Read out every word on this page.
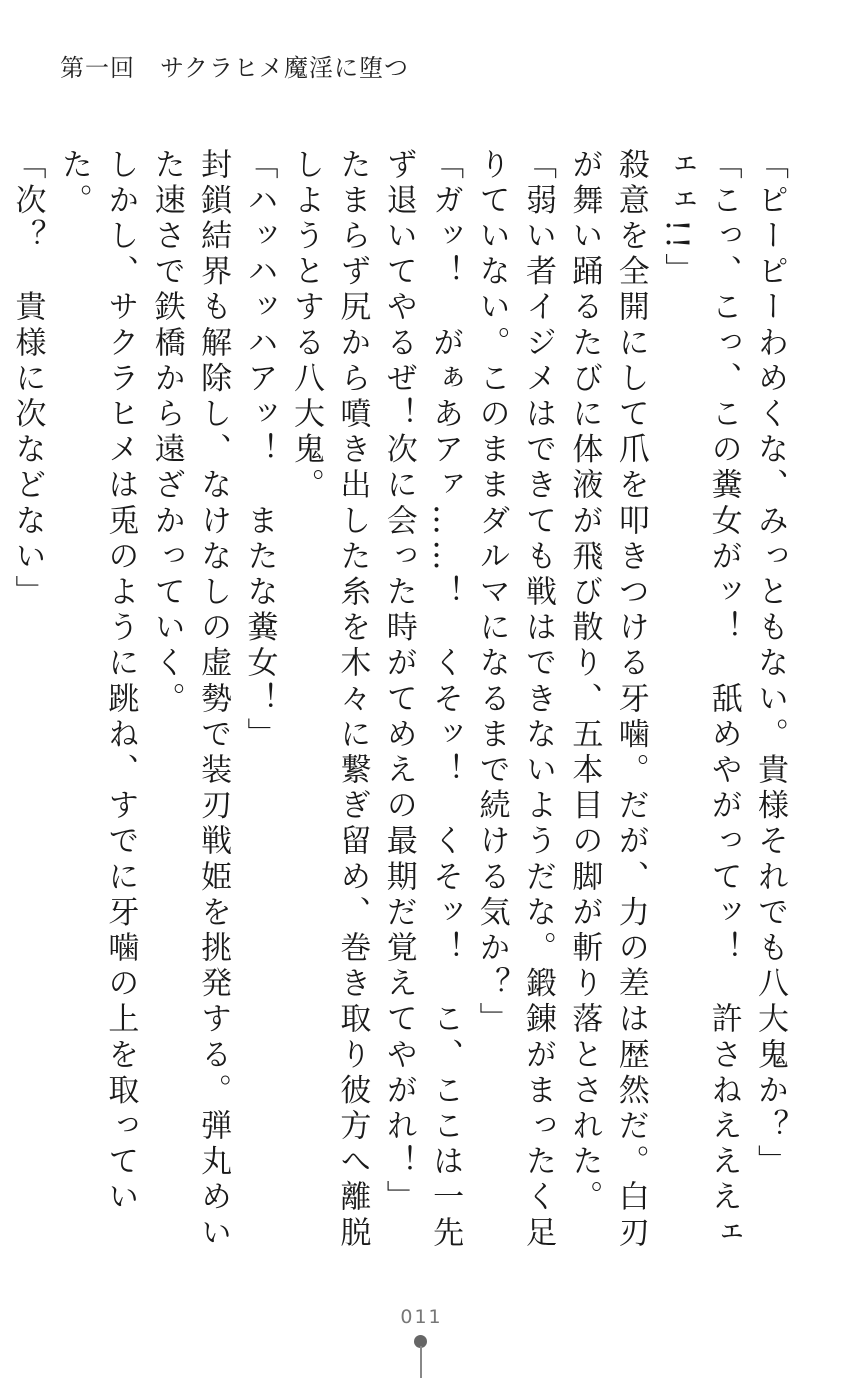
第一回　サクラヒメ魔淫に堕つ

「ピーピーわめくな、みっともない。貴様それでも八大鬼か？」

「こっ、こっ、この糞女がッ！　舐めやがってッ！　許さねえええェェェ!!」

殺意を全開にして爪を叩きつける牙噛。だが、力の差は歴然だ。白刃が舞い踊るたびに体液が飛び散り、五本目の脚が斬り落とされた。

「弱い者イジメはできても戦はできないようだな。鍛錬がまったく足りていない。このままダルマになるまで続ける気か？」

「ガッ！　がぁあアァ……！　くそッ！　くそッ！　こ、ここは一先ず退いてやるぜ！次に会った時がてめえの最期だ覚えてやがれ！」

たまらず尻から噴き出した糸を木々に繋ぎ留め、巻き取り彼方へ離脱しようとする八大鬼。

「ハッハッハアッ！　またな糞女！」

封鎖結界も解除し、なけなしの虚勢で装刃戦姫を挑発する。弾丸めいた速さで鉄橋から遠ざかっていく。

しかし、サクラヒメは兎のように跳ね、すでに牙噛の上を取っていた。

「次？　貴様に次などない」

011
